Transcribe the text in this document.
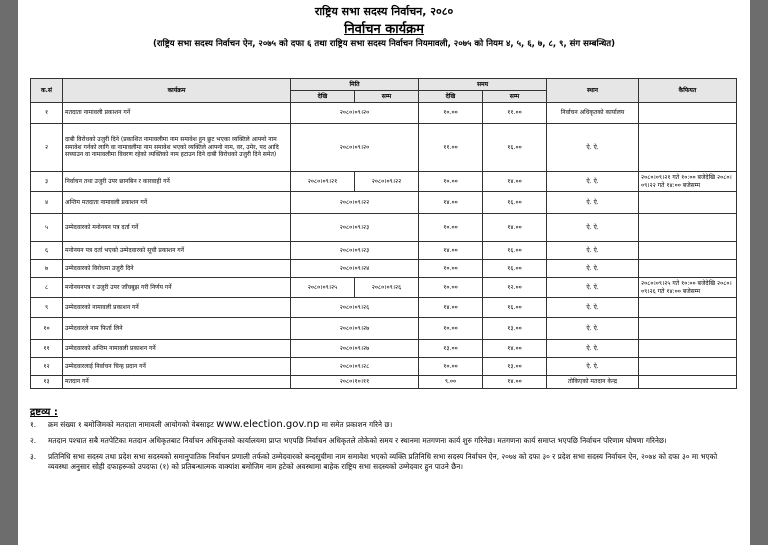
राष्ट्रिय सभा सदस्य निर्वाचन, २०८०
निर्वाचन कार्यक्रम
(राष्ट्रिय सभा सदस्य निर्वाचन ऐन, २०७५ को दफा ६ तथा राष्ट्रिय सभा सदस्य निर्वाचन नियमावली, २०७५ को नियम ४, ५, ६, ७, ८, ९, संग सम्बन्धित)
क.सं	कार्यक्रम	मिति		समय		स्थान	कैफियत
		देखि	सम्म	देखि	सम्म		
१	मतदाता नामावली प्रकाशन गर्ने	२०८०।०९।२०		१०.००	११.००	निर्वाचन अधिकृतको कार्यालय	
२	दाबी विरोधको उजुरी दिने (प्रकाशित नामावलीमा नाम समावेश हुन छुट भएका व्यक्तिले आफ्नो नाम समावेश गर्नको लागि वा नामावलीमा नाम समावेश भएको व्यक्तिले आफ्नो नाम, वर, उमेर, पद आदि सच्याउन वा नामावलीमा विवरण रहेको व्यक्तिको नाम हटाउन दिने दाबी विरोधको उजुरी दिने समेत)	२०८०।०९।२०		११.००	१६.००	ऐ. ऐ.	
३	निर्वाचन तथा उजुरी उपर छानबिन र कारवाही गर्ने	२०८०।०९।२१	२०८०।०९।२२	१०.००	१४.००	ऐ. ऐ.	२०८०।०९।२१ गते १०:०० बजेदेखि २०८०।०९।२२ गते १४:०० बजेसम्म
४	अन्तिम मतदाता नामावली प्रकाशन गर्ने	२०८०।०९।२२		१४.००	१६.००	ऐ. ऐ.	
५	उम्मेदवारको मनोनयन पत्र दर्ता गर्ने	२०८०।०९।२३		१०.००	१४.००	ऐ. ऐ.	
६	मनोनयन पत्र दर्ता भएको उम्मेदवारको सूची प्रकाशन गर्ने	२०८०।०९।२३		१४.००	१६.००	ऐ. ऐ.	
७	उम्मेदवारको विरोधमा उजुरी दिने	२०८०।०९।२४		१०.००	१६.००	ऐ. ऐ.	
८	मनोनयनपत्र र उजुरी उपर जाँचबुझ गरी निर्णय गर्ने	२०८०।०९।२५	२०८०।०९।२६	१०.००	१२.००	ऐ. ऐ.	२०८०।०९।२५ गते १०:०० बजेदेखि २०८०।०९।२६ गते १४:०० बजेसम्म
९	उम्मेदवारको नामावली प्रकाशन गर्ने	२०८०।०९।२६		१४.००	१६.००	ऐ. ऐ.	
१०	उम्मेदवारले नाम फिर्ता लिने	२०८०।०९।२७		१०.००	१३.००	ऐ. ऐ.	
११	उम्मेदवारको अन्तिम नामावली प्रकाशन गर्ने	२०८०।०९।२७		१३.००	१४.००	ऐ. ऐ.	
१२	उम्मेदवारलाई निर्वाचन चिन्ह प्रदान गर्ने	२०८०।०९।२८		१०.००	१३.००	ऐ. ऐ.	
१३	मतदान गर्ने	२०८०।१०।११		९.००	१४.००	तोकिएको मतदान केन्द्र	
द्रष्टव्य :
१.	क्रम संख्या १ बमोजिमको मतदाता नामावली आयोगको वेबसाइट www.election.gov.np मा समेत प्रकाशन गरिने छ।
२.	मतदान पश्चात सबै मतपेटिका मतदान अधिकृतबाट निर्वाचन अधिकृतको कार्यालयमा प्राप्त भएपछि निर्वाचन अधिकृतले तोकेको समय र स्थानमा मतगणना कार्य शुरु गरिनेछ। मतगणना कार्य समाप्त भएपछि निर्वाचन परिणाम घोषणा गरिनेछ।
३.	प्रतिनिधि सभा सदस्य तथा प्रदेश सभा सदस्यको समानुपातिक निर्वाचन प्रणाली तर्फको उम्मेदवारको बन्दसूचीमा नाम समावेश भएको व्यक्ति प्रतिनिधि सभा सदस्य निर्वाचन ऐन, २०७४ को दफा ३० र प्रदेश सभा सदस्य निर्वाचन ऐन, २०७४ को दफा ३० मा भएको व्यवस्था अनुसार सोही दफाहरूको उपदफा (१) को प्रतिबन्धात्मक वाक्यांश बमोजिम नाम हटेको अवस्थामा बाहेक राष्ट्रिय सभा सदस्यको उम्मेदवार हुन पाउने छैन।
